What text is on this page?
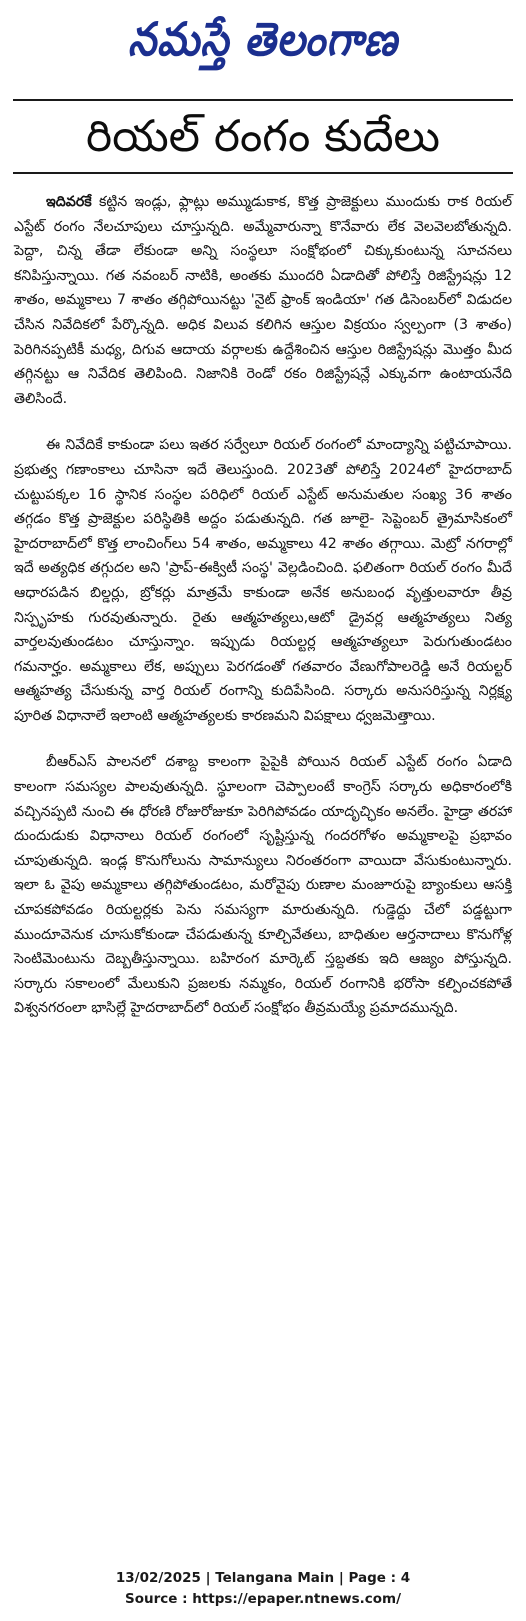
నమస్తే తెలంగాణ
రియల్ రంగం కుదేలు

ఇదివరకే కట్టిన ఇండ్లు, ఫ్లాట్లు అమ్ముడుకాక, కొత్త ప్రాజెక్టులు ముందుకు రాక రియల్ ఎస్టేట్ రంగం నేలచూపులు చూస్తున్నది. అమ్మేవారున్నా కొనేవారు లేక వెలవెలబోతున్నది. పెద్దా, చిన్న తేడా లేకుండా అన్ని సంస్థలూ సంక్షోభంలో చిక్కుకుంటున్న సూచనలు కనిపిస్తున్నాయి. గత నవంబర్ నాటికి, అంతకు ముందరి ఏడాదితో పోలిస్తే రిజిస్ట్రేషన్లు 12 శాతం, అమ్మకాలు 7 శాతం తగ్గిపోయినట్టు 'నైట్ ఫ్రాంక్ ఇండియా' గత డిసెంబర్‌లో విడుదల చేసిన నివేదికలో పేర్కొన్నది. అధిక విలువ కలిగిన ఆస్తుల విక్రయం స్వల్పంగా (3 శాతం) పెరిగినప్పటికీ మధ్య, దిగువ ఆదాయ వర్గాలకు ఉద్దేశించిన ఆస్తుల రిజిస్ట్రేషన్లు మొత్తం మీద తగ్గినట్టు ఆ నివేదిక తెలిపింది. నిజానికి రెండో రకం రిజిస్ట్రేషన్లే ఎక్కువగా ఉంటాయనేది తెలిసిందే.

ఈ నివేదికే కాకుండా పలు ఇతర సర్వేలూ రియల్ రంగంలో మాంద్యాన్ని పట్టిచూపాయి. ప్రభుత్వ గణాంకాలు చూసినా ఇదే తెలుస్తుంది. 2023తో పోలిస్తే 2024లో హైదరాబాద్ చుట్టుపక్కల 16 స్థానిక సంస్థల పరిధిలో రియల్ ఎస్టేట్ అనుమతుల సంఖ్య 36 శాతం తగ్గడం కొత్త ప్రాజెక్టుల పరిస్థితికి అద్దం పడుతున్నది. గత జూలై- సెప్టెంబర్ త్రైమాసికంలో హైదరాబాద్‌లో కొత్త లాంచింగ్‌లు 54 శాతం, అమ్మకాలు 42 శాతం తగ్గాయి. మెట్రో నగరాల్లో ఇదే అత్యధిక తగ్గుదల అని 'ప్రాప్-ఈక్విటీ సంస్థ' వెల్లడించింది. ఫలితంగా రియల్ రంగం మీదే ఆధారపడిన బిల్డర్లు, బ్రోకర్లు మాత్రమే కాకుండా అనేక అనుబంధ వృత్తులవారూ తీవ్ర నిస్పృహకు గురవుతున్నారు. రైతు ఆత్మహత్యలు,ఆటో డ్రైవర్ల ఆత్మహత్యలు నిత్య వార్తలవుతుండటం చూస్తున్నాం. ఇప్పుడు రియల్టర్ల ఆత్మహత్యలూ పెరుగుతుండటం గమనార్హం. అమ్మకాలు లేక, అప్పులు పెరగడంతో గతవారం వేణుగోపాలరెడ్డి అనే రియల్టర్ ఆత్మహత్య చేసుకున్న వార్త రియల్ రంగాన్ని కుదిపేసింది. సర్కారు అనుసరిస్తున్న నిర్లక్ష్య పూరిత విధానాలే ఇలాంటి ఆత్మహత్యలకు కారణమని విపక్షాలు ధ్వజమెత్తాయి.

బీఆర్ఎస్ పాలనలో దశాబ్ద కాలంగా పైపైకి పోయిన రియల్ ఎస్టేట్ రంగం ఏడాది కాలంగా సమస్యల పాలవుతున్నది. స్థూలంగా చెప్పాలంటే కాంగ్రెస్ సర్కారు అధికారంలోకి వచ్చినప్పటి నుంచి ఈ ధోరణి రోజురోజుకూ పెరిగిపోవడం యాదృచ్ఛికం అనలేం. హైడ్రా తరహా దుందుడుకు విధానాలు రియల్ రంగంలో సృష్టిస్తున్న గందరగోళం అమ్మకాలపై ప్రభావం చూపుతున్నది. ఇండ్ల కొనుగోలును సామాన్యులు నిరంతరంగా వాయిదా వేసుకుంటున్నారు. ఇలా ఓ వైపు అమ్మకాలు తగ్గిపోతుండటం, మరోవైపు రుణాల మంజూరుపై బ్యాంకులు ఆసక్తి చూపకపోవడం రియల్టర్లకు పెను సమస్యగా మారుతున్నది. గుడ్డెద్దు చేలో పడ్డట్టుగా ముందూవెనుక చూసుకోకుండా చేపడుతున్న కూల్చివేతలు, బాధితుల ఆర్తనాదాలు కొనుగోళ్ల సెంటిమెంటును దెబ్బతీస్తున్నాయి. బహిరంగ మార్కెట్ స్తబ్దతకు ఇది ఆజ్యం పోస్తున్నది. సర్కారు సకాలంలో మేలుకుని ప్రజలకు నమ్మకం, రియల్ రంగానికి భరోసా కల్పించకపోతే విశ్వనగరంలా భాసిల్లే హైదరాబాద్‌లో రియల్ సంక్షోభం తీవ్రమయ్యే ప్రమాదమున్నది.

13/02/2025 | Telangana Main | Page : 4
Source : https://epaper.ntnews.com/
